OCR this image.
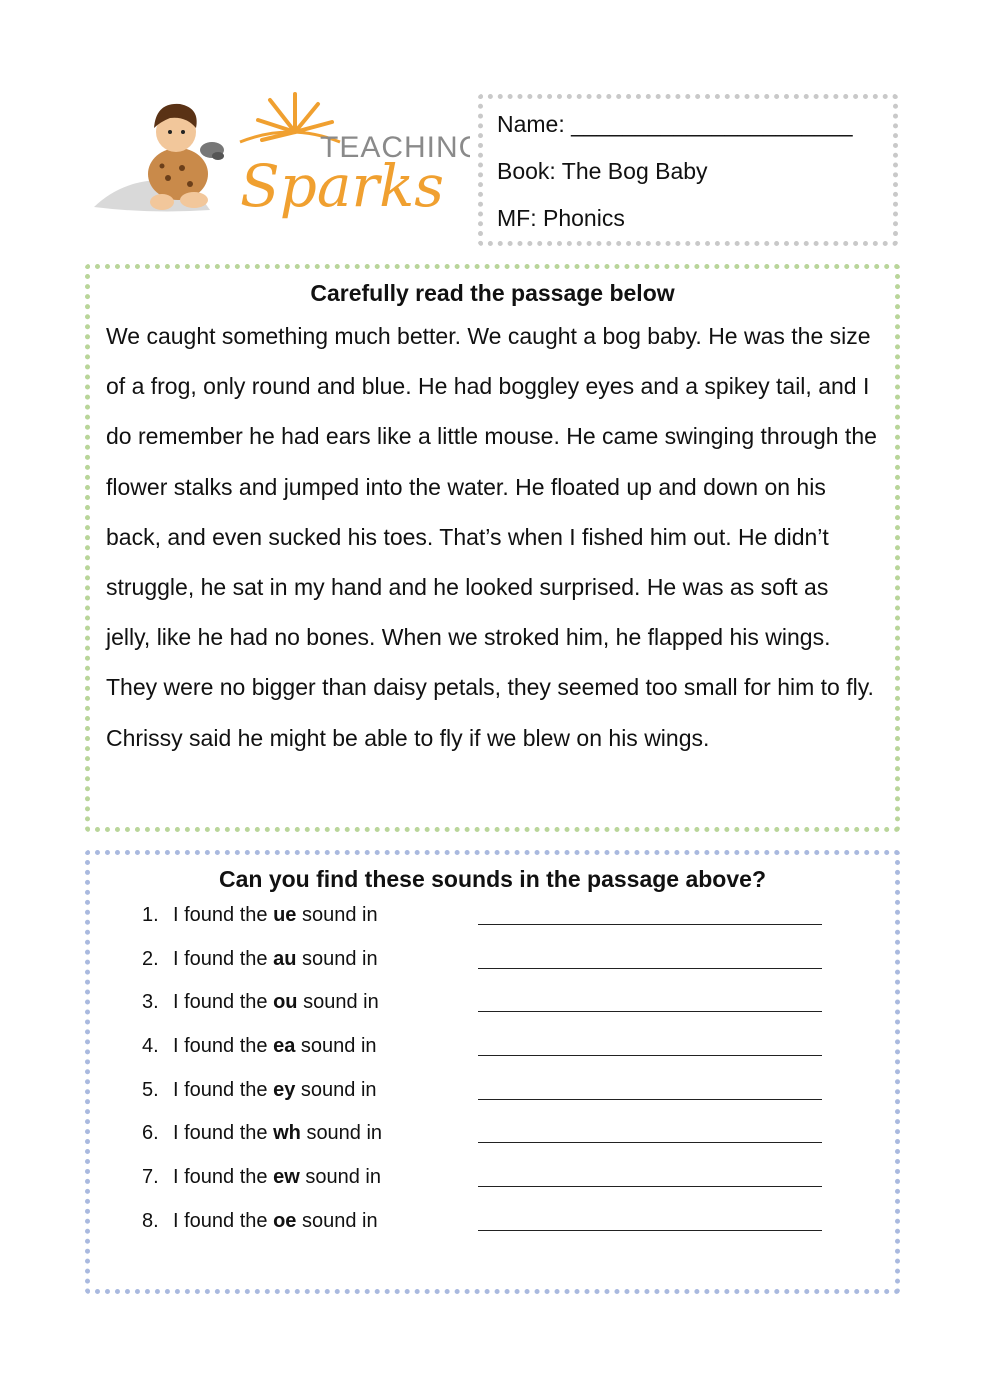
TEACHING
Sparks
Name: ______________________
Book: The Bog Baby
MF: Phonics
Carefully read the passage below

We caught something much better. We caught a bog baby. He was the size of a frog, only round and blue. He had bogglеy eyes and a spikey tail, and I do remember he had ears like a little mouse. He came swinging through the flower stalks and jumped into the water. He floated up and down on his back, and even sucked his toes. That’s when I fished him out. He didn’t struggle, he sat in my hand and he looked surprised. He was as soft as jelly, like he had no bones. When we stroked him, he flapped his wings. They were no bigger than daisy petals, they seemed too small for him to fly. Chrissy said he might be able to fly if we blew on his wings.

Can you find these sounds in the passage above?
1. I found the ue sound in
2. I found the au sound in
3. I found the ou sound in
4. I found the ea sound in
5. I found the ey sound in
6. I found the wh sound in
7. I found the ew sound in
8. I found the oe sound in
